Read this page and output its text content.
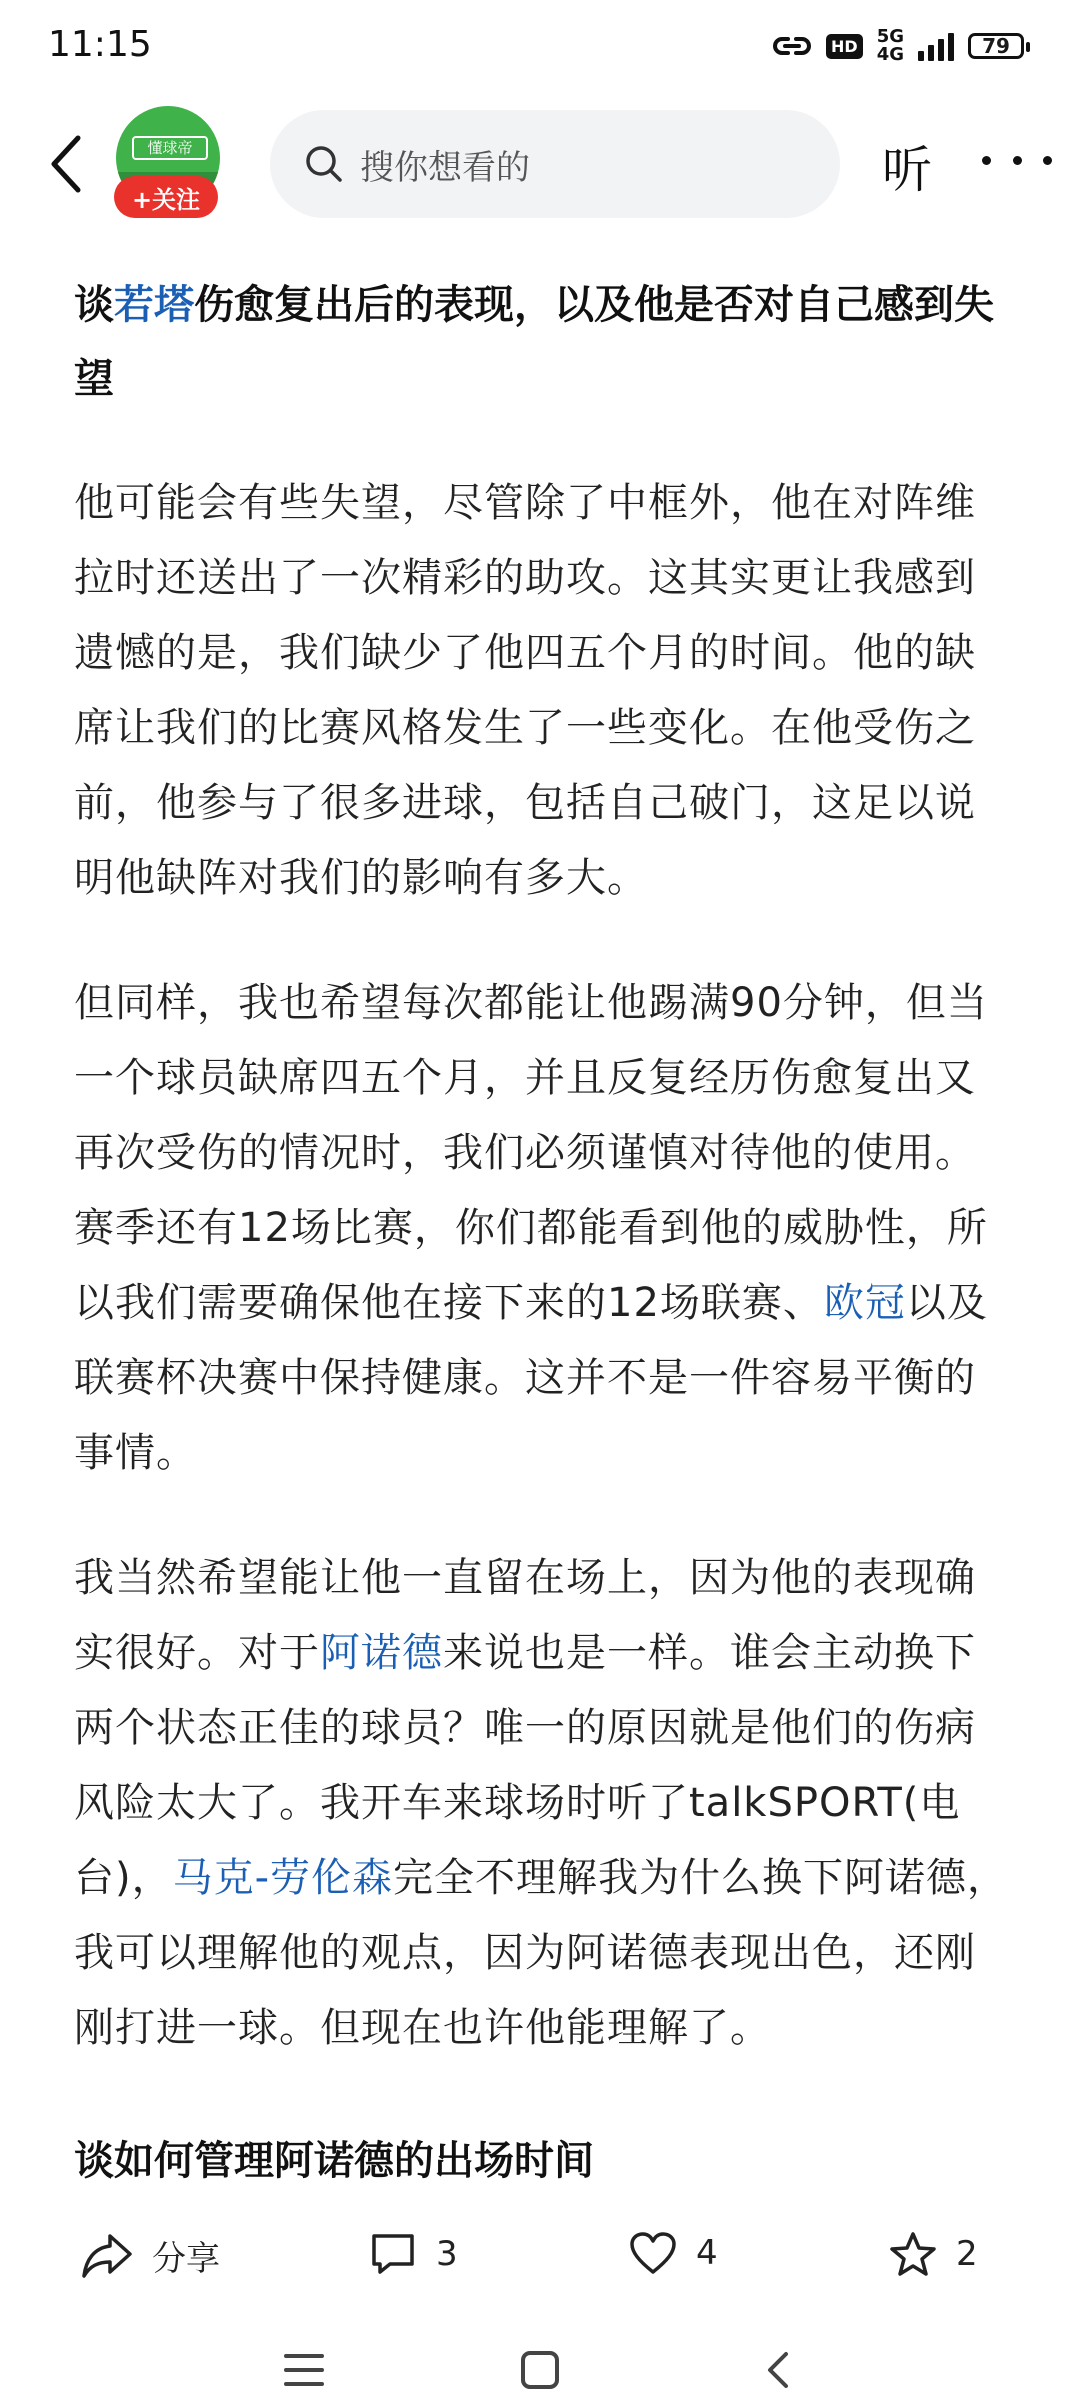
11:15	HD 5G
4G	79
懂球帝
+关注
搜你想看的	听

谈若塔伤愈复出后的表现，以及他是否对自己感到失望

他可能会有些失望，尽管除了中框外，他在对阵维拉时还送出了一次精彩的助攻。这其实更让我感到遗憾的是，我们缺少了他四五个月的时间。他的缺席让我们的比赛风格发生了一些变化。在他受伤之前，他参与了很多进球，包括自己破门，这足以说明他缺阵对我们的影响有多大。

但同样，我也希望每次都能让他踢满90分钟，但当一个球员缺席四五个月，并且反复经历伤愈复出又再次受伤的情况时，我们必须谨慎对待他的使用。赛季还有12场比赛，你们都能看到他的威胁性，所以我们需要确保他在接下来的12场联赛、欧冠以及联赛杯决赛中保持健康。这并不是一件容易平衡的事情。

我当然希望能让他一直留在场上，因为他的表现确实很好。对于阿诺德来说也是一样。谁会主动换下两个状态正佳的球员？唯一的原因就是他们的伤病风险太大了。我开车来球场时听了talkSPORT(电台)，马克-劳伦森完全不理解我为什么换下阿诺德，我可以理解他的观点，因为阿诺德表现出色，还刚刚打进一球。但现在也许他能理解了。

谈如何管理阿诺德的出场时间

分享	3	4	2
